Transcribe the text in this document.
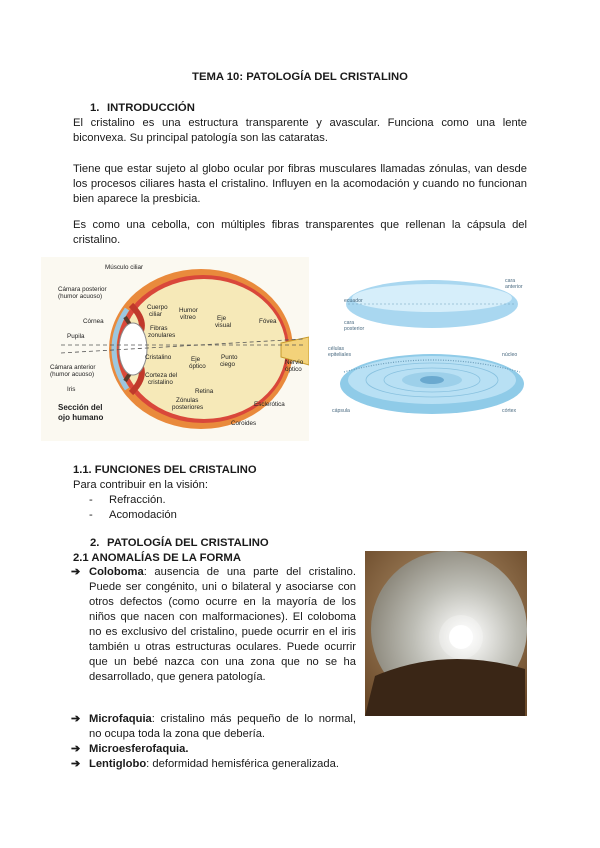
TEMA 10: PATOLOGÍA DEL CRISTALINO
1. INTRODUCCIÓN
El cristalino es una estructura transparente y avascular. Funciona como una lente biconvexa. Su principal patología son las cataratas.
Tiene que estar sujeto al globo ocular por fibras musculares llamadas zónulas, van desde los procesos ciliares hasta el cristalino. Influyen en la acomodación y cuando no funcionan bien aparece la presbicia.
Es como una cebolla, con múltiples fibras transparentes que rellenan la cápsula del cristalino.
Músculo ciliar
Cámara posterior
(humor acuoso)
Córnea
Pupila
Cámara anterior
(humor acuoso)
Iris
Cuerpo
ciliar
Fibras
zonulares
Humor
vítreo	Eje
visual
Cristalino	Eje
óptico
Punto
ciego
Corteza del
cristalino
Retina
Zónulas
posteriores
Fóvea
Nervio
óptico
Esclerótica
Coroides
Sección del
ojo humano
cara
anterior
ecuador
cara
posterior
células
epiteliales	núcleo
cápsula	córtex
1.1. FUNCIONES DEL CRISTALINO
Para contribuir en la visión:
- Refracción.
- Acomodación
2. PATOLOGÍA DEL CRISTALINO
2.1 ANOMALÍAS DE LA FORMA
➔ Coloboma: ausencia de una parte del cristalino. Puede ser congénito, uni o bilateral y asociarse con otros defectos (como ocurre en la mayoría de los niños que nacen con malformaciones). El coloboma no es exclusivo del cristalino, puede ocurrir en el iris también u otras estructuras oculares. Puede ocurrir que un bebé nazca con una zona que no se ha desarrollado, que genera patología.
➔ Microfaquia: cristalino más pequeño de lo normal, no ocupa toda la zona que debería.
➔ Microesferofaquia.
➔ Lentiglobo: deformidad hemisférica generalizada.
